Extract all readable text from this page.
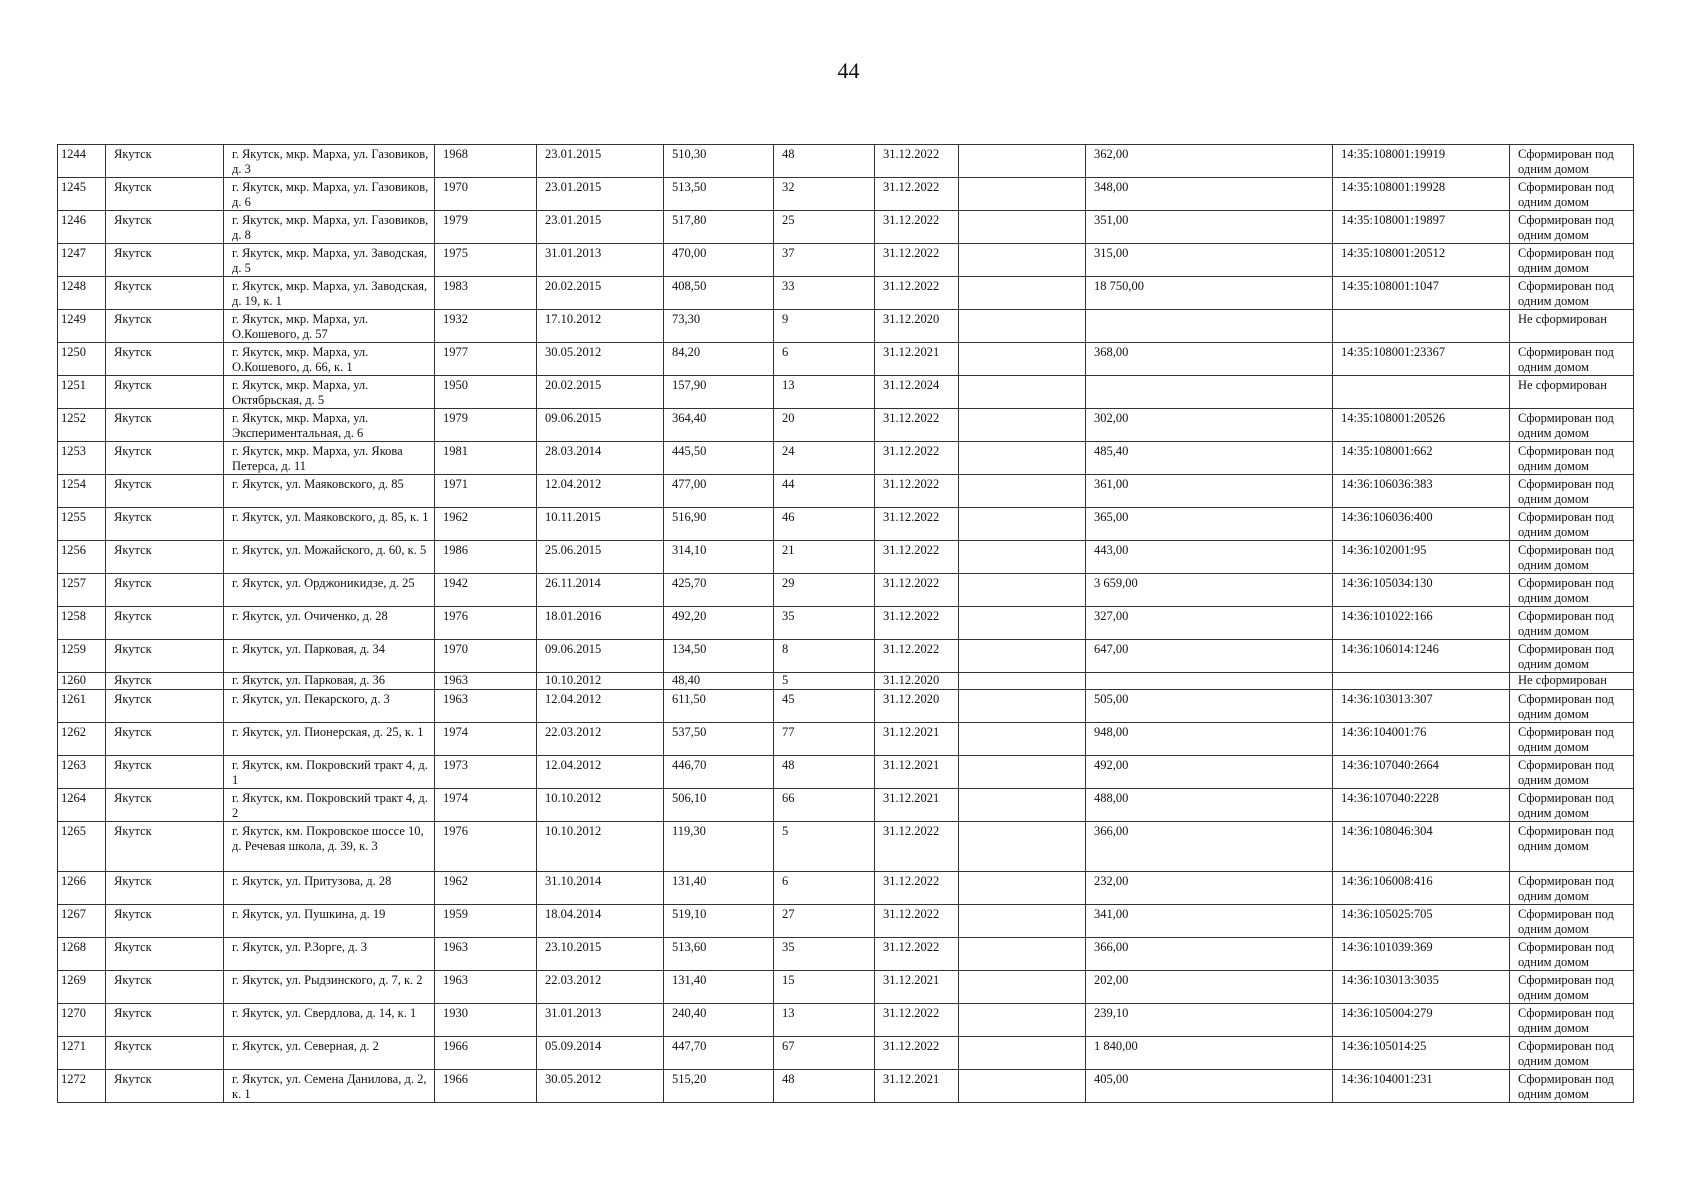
44
1244	Якутск	г. Якутск, мкр. Марха, ул. Газовиков, д. 3	1968	23.01.2015	510,30	48	31.12.2022		362,00	14:35:108001:19919	Сформирован под одним домом
1245	Якутск	г. Якутск, мкр. Марха, ул. Газовиков, д. 6	1970	23.01.2015	513,50	32	31.12.2022		348,00	14:35:108001:19928	Сформирован под одним домом
1246	Якутск	г. Якутск, мкр. Марха, ул. Газовиков, д. 8	1979	23.01.2015	517,80	25	31.12.2022		351,00	14:35:108001:19897	Сформирован под одним домом
1247	Якутск	г. Якутск, мкр. Марха, ул. Заводская, д. 5	1975	31.01.2013	470,00	37	31.12.2022		315,00	14:35:108001:20512	Сформирован под одним домом
1248	Якутск	г. Якутск, мкр. Марха, ул. Заводская, д. 19, к. 1	1983	20.02.2015	408,50	33	31.12.2022		18 750,00	14:35:108001:1047	Сформирован под одним домом
1249	Якутск	г. Якутск, мкр. Марха, ул. О.Кошевого, д. 57	1932	17.10.2012	73,30	9	31.12.2020				Не сформирован
1250	Якутск	г. Якутск, мкр. Марха, ул. О.Кошевого, д. 66, к. 1	1977	30.05.2012	84,20	6	31.12.2021		368,00	14:35:108001:23367	Сформирован под одним домом
1251	Якутск	г. Якутск, мкр. Марха, ул. Октябрьская, д. 5	1950	20.02.2015	157,90	13	31.12.2024				Не сформирован
1252	Якутск	г. Якутск, мкр. Марха, ул. Экспериментальная, д. 6	1979	09.06.2015	364,40	20	31.12.2022		302,00	14:35:108001:20526	Сформирован под одним домом
1253	Якутск	г. Якутск, мкр. Марха, ул. Якова Петерса, д. 11	1981	28.03.2014	445,50	24	31.12.2022		485,40	14:35:108001:662	Сформирован под одним домом
1254	Якутск	г. Якутск, ул. Маяковского, д. 85	1971	12.04.2012	477,00	44	31.12.2022		361,00	14:36:106036:383	Сформирован под одним домом
1255	Якутск	г. Якутск, ул. Маяковского, д. 85, к. 1	1962	10.11.2015	516,90	46	31.12.2022		365,00	14:36:106036:400	Сформирован под одним домом
1256	Якутск	г. Якутск, ул. Можайского, д. 60, к. 5	1986	25.06.2015	314,10	21	31.12.2022		443,00	14:36:102001:95	Сформирован под одним домом
1257	Якутск	г. Якутск, ул. Орджоникидзе, д. 25	1942	26.11.2014	425,70	29	31.12.2022		3 659,00	14:36:105034:130	Сформирован под одним домом
1258	Якутск	г. Якутск, ул. Очиченко, д. 28	1976	18.01.2016	492,20	35	31.12.2022		327,00	14:36:101022:166	Сформирован под одним домом
1259	Якутск	г. Якутск, ул. Парковая, д. 34	1970	09.06.2015	134,50	8	31.12.2022		647,00	14:36:106014:1246	Сформирован под одним домом
1260	Якутск	г. Якутск, ул. Парковая, д. 36	1963	10.10.2012	48,40	5	31.12.2020				Не сформирован
1261	Якутск	г. Якутск, ул. Пекарского, д. 3	1963	12.04.2012	611,50	45	31.12.2020		505,00	14:36:103013:307	Сформирован под одним домом
1262	Якутск	г. Якутск, ул. Пионерская, д. 25, к. 1	1974	22.03.2012	537,50	77	31.12.2021		948,00	14:36:104001:76	Сформирован под одним домом
1263	Якутск	г. Якутск, км. Покровский тракт 4, д. 1	1973	12.04.2012	446,70	48	31.12.2021		492,00	14:36:107040:2664	Сформирован под одним домом
1264	Якутск	г. Якутск, км. Покровский тракт 4, д. 2	1974	10.10.2012	506,10	66	31.12.2021		488,00	14:36:107040:2228	Сформирован под одним домом
1265	Якутск	г. Якутск, км. Покровское шоссе 10, д. Речевая школа, д. 39, к. 3	1976	10.10.2012	119,30	5	31.12.2022		366,00	14:36:108046:304	Сформирован под одним домом
1266	Якутск	г. Якутск, ул. Притузова, д. 28	1962	31.10.2014	131,40	6	31.12.2022		232,00	14:36:106008:416	Сформирован под одним домом
1267	Якутск	г. Якутск, ул. Пушкина, д. 19	1959	18.04.2014	519,10	27	31.12.2022		341,00	14:36:105025:705	Сформирован под одним домом
1268	Якутск	г. Якутск, ул. Р.Зорге, д. 3	1963	23.10.2015	513,60	35	31.12.2022		366,00	14:36:101039:369	Сформирован под одним домом
1269	Якутск	г. Якутск, ул. Рыдзинского, д. 7, к. 2	1963	22.03.2012	131,40	15	31.12.2021		202,00	14:36:103013:3035	Сформирован под одним домом
1270	Якутск	г. Якутск, ул. Свердлова, д. 14, к. 1	1930	31.01.2013	240,40	13	31.12.2022		239,10	14:36:105004:279	Сформирован под одним домом
1271	Якутск	г. Якутск, ул. Северная, д. 2	1966	05.09.2014	447,70	67	31.12.2022		1 840,00	14:36:105014:25	Сформирован под одним домом
1272	Якутск	г. Якутск, ул. Семена Данилова, д. 2, к. 1	1966	30.05.2012	515,20	48	31.12.2021		405,00	14:36:104001:231	Сформирован под одним домом
